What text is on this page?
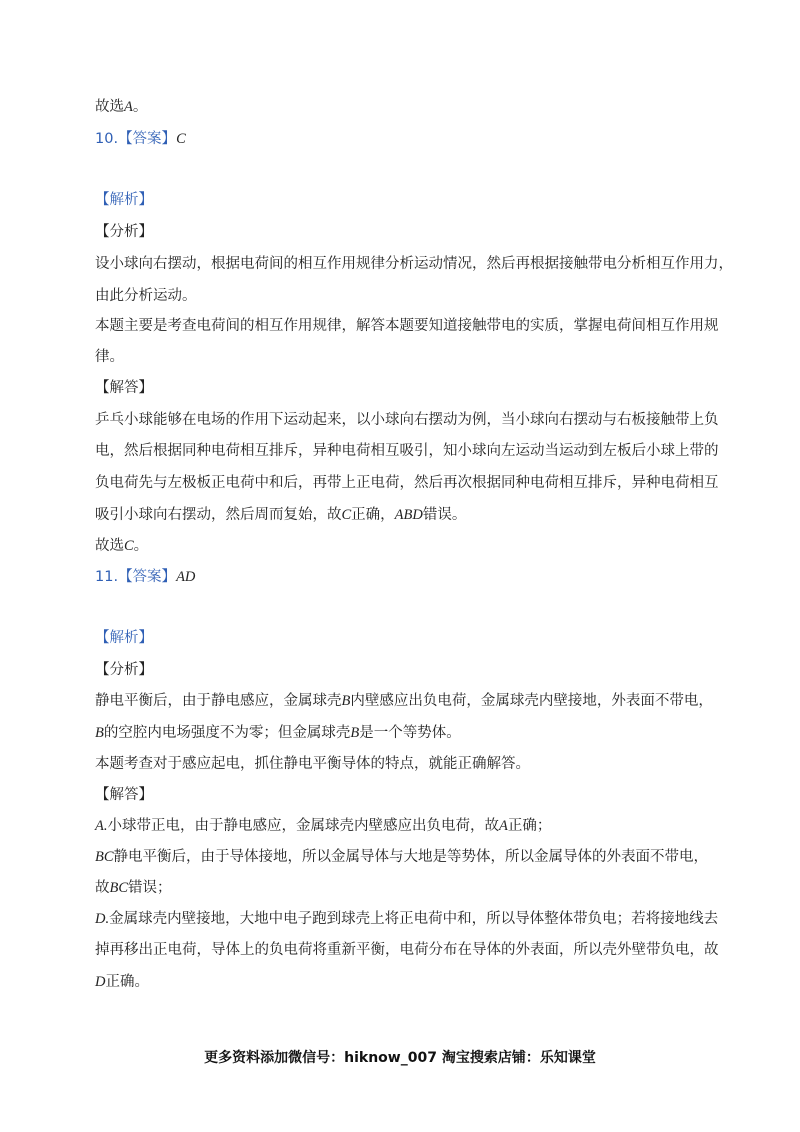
故选A。
10.【答案】C
【解析】
【分析】
设小球向右摆动，根据电荷间的相互作用规律分析运动情况，然后再根据接触带电分析相互作用力，
由此分析运动。
本题主要是考查电荷间的相互作用规律，解答本题要知道接触带电的实质，掌握电荷间相互作用规
律。
【解答】
乒乓小球能够在电场的作用下运动起来，以小球向右摆动为例，当小球向右摆动与右板接触带上负
电，然后根据同种电荷相互排斥，异种电荷相互吸引，知小球向左运动当运动到左板后小球上带的
负电荷先与左极板正电荷中和后，再带上正电荷，然后再次根据同种电荷相互排斥，异种电荷相互
吸引小球向右摆动，然后周而复始，故C正确，ABD错误。
故选C。
11.【答案】AD
【解析】
【分析】
静电平衡后，由于静电感应，金属球壳B内壁感应出负电荷，金属球壳内壁接地，外表面不带电，
B的空腔内电场强度不为零；但金属球壳B是一个等势体。
本题考查对于感应起电，抓住静电平衡导体的特点，就能正确解答。
【解答】
A.小球带正电，由于静电感应，金属球壳内壁感应出负电荷，故A正确；
BC静电平衡后，由于导体接地，所以金属导体与大地是等势体，所以金属导体的外表面不带电，
故BC错误；
D.金属球壳内壁接地，大地中电子跑到球壳上将正电荷中和，所以导体整体带负电；若将接地线去
掉再移出正电荷，导体上的负电荷将重新平衡，电荷分布在导体的外表面，所以壳外壁带负电，故
D正确。
更多资料添加微信号：hiknow_007 淘宝搜索店铺：乐知课堂
